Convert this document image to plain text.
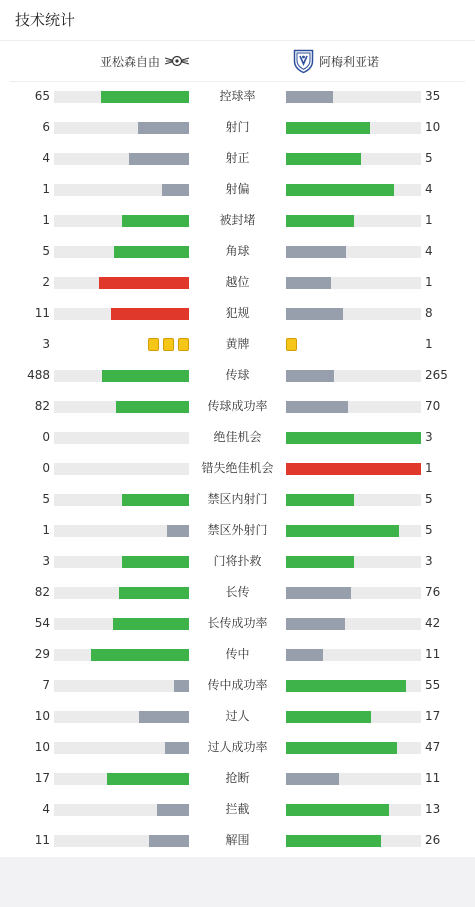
技术统计
亚松森自由	阿梅利亚诺
65	控球率	35
6	射门	10
4	射正	5
1	射偏	4
1	被封堵	1
5	角球	4
2	越位	1
11	犯规	8
3	黄牌	1
488	传球	265
82	传球成功率	70
0	绝佳机会	3
0	错失绝佳机会	1
5	禁区内射门	5
1	禁区外射门	5
3	门将扑救	3
82	长传	76
54	长传成功率	42
29	传中	11
7	传中成功率	55
10	过人	17
10	过人成功率	47
17	抢断	11
4	拦截	13
11	解围	26
